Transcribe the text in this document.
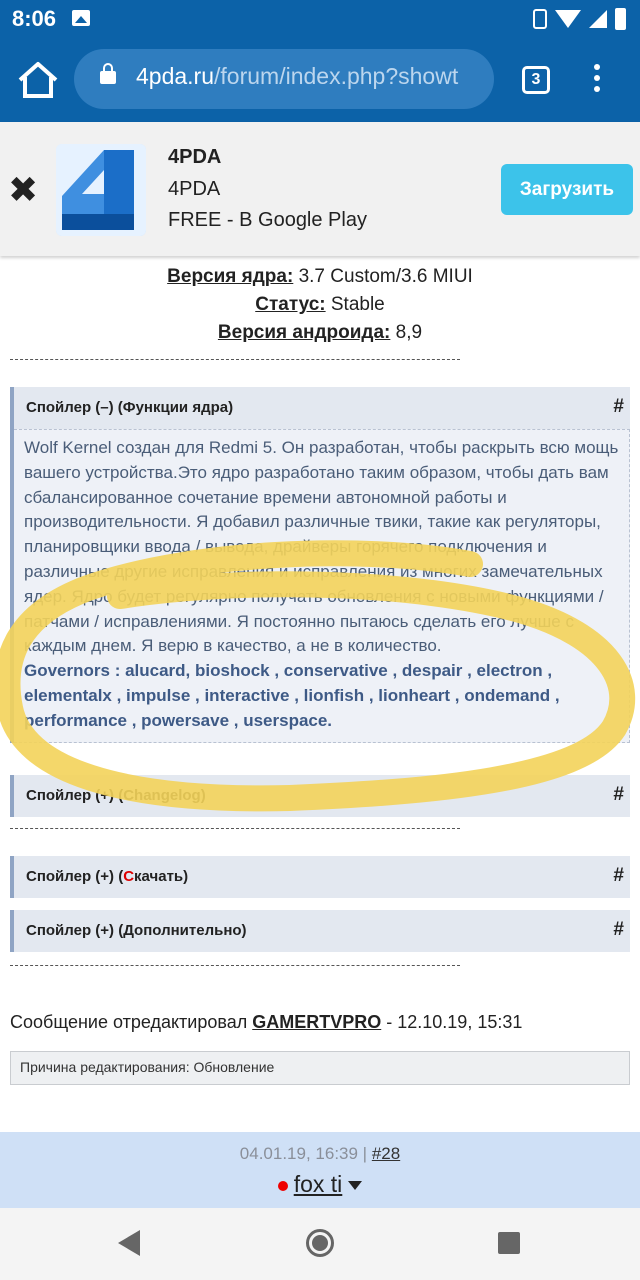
8:06
4pda.ru/forum/index.php?showt	3
✖
4PDA
4PDA
FREE - В Google Play
Загрузить
Версия ядра: 3.7 Custom/3.6 MIUI
Статус: Stable
Версия андроида: 8,9
Спойлер (–) (Функции ядра)	#
Wolf Kernel создан для Redmi 5. Он разработан, чтобы раскрыть всю мощь вашего устройства.Это ядро разработано таким образом, чтобы дать вам сбалансированное сочетание времени автономной работы и производительности. Я добавил различные твики, такие как регуляторы, планировщики ввода / вывода, драйверы горячего подключения и различные другие исправления и исправления из многих замечательных ядер. Ядро будет регулярно получать обновления с новыми функциями / патчами / исправлениями. Я постоянно пытаюсь сделать его лучше с каждым днем. Я верю в качество, а не в количество.
Governors : alucard, bioshock , conservative , despair , electron , elementalx , impulse , interactive , lionfish , lionheart , ondemand , performance , powersave , userspace.
Спойлер (+) (Changelog)	#
Спойлер (+) (Скачать)	#
Спойлер (+) (Дополнительно)	#
Сообщение отредактировал GAMERTVPRO - 12.10.19, 15:31
Причина редактирования: Обновление
04.01.19, 16:39 | #28
fox ti
